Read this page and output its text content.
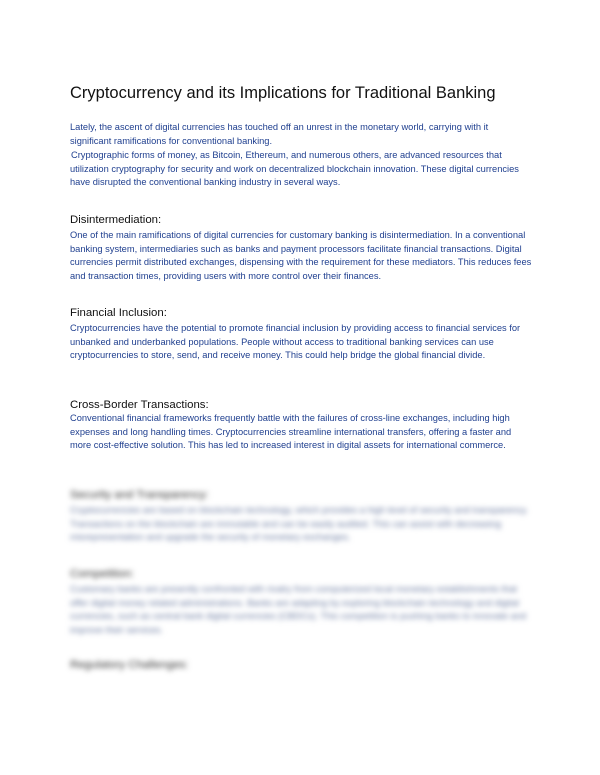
Cryptocurrency and its Implications for Traditional Banking

Lately, the ascent of digital currencies has touched off an unrest in the monetary world, carrying with it significant ramifications for conventional banking.

Cryptographic forms of money, as Bitcoin, Ethereum, and numerous others, are advanced resources that utilization cryptography for security and work on decentralized blockchain innovation. These digital currencies have disrupted the conventional banking industry in several ways.

Disintermediation:

One of the main ramifications of digital currencies for customary banking is disintermediation. In a conventional banking system, intermediaries such as banks and payment processors facilitate financial transactions. Digital currencies permit distributed exchanges, dispensing with the requirement for these mediators. This reduces fees and transaction times, providing users with more control over their finances.

Financial Inclusion:

Cryptocurrencies have the potential to promote financial inclusion by providing access to financial services for unbanked and underbanked populations. People without access to traditional banking services can use cryptocurrencies to store, send, and receive money. This could help bridge the global financial divide.

Cross-Border Transactions:

Conventional financial frameworks frequently battle with the failures of cross-line exchanges, including high expenses and long handling times. Cryptocurrencies streamline international transfers, offering a faster and more cost-effective solution. This has led to increased interest in digital assets for international commerce.

Security and Transparency:

Cryptocurrencies are based on blockchain technology, which provides a high level of security and transparency. Transactions on the blockchain are immutable and can be easily audited. This can assist with decreasing misrepresentation and upgrade the security of monetary exchanges.

Competition:

Customary banks are presently confronted with rivalry from computerized local monetary establishments that offer digital money related administrations. Banks are adapting by exploring blockchain technology and digital currencies, such as central bank digital currencies (CBDCs). This competition is pushing banks to innovate and improve their services.

Regulatory Challenges:
